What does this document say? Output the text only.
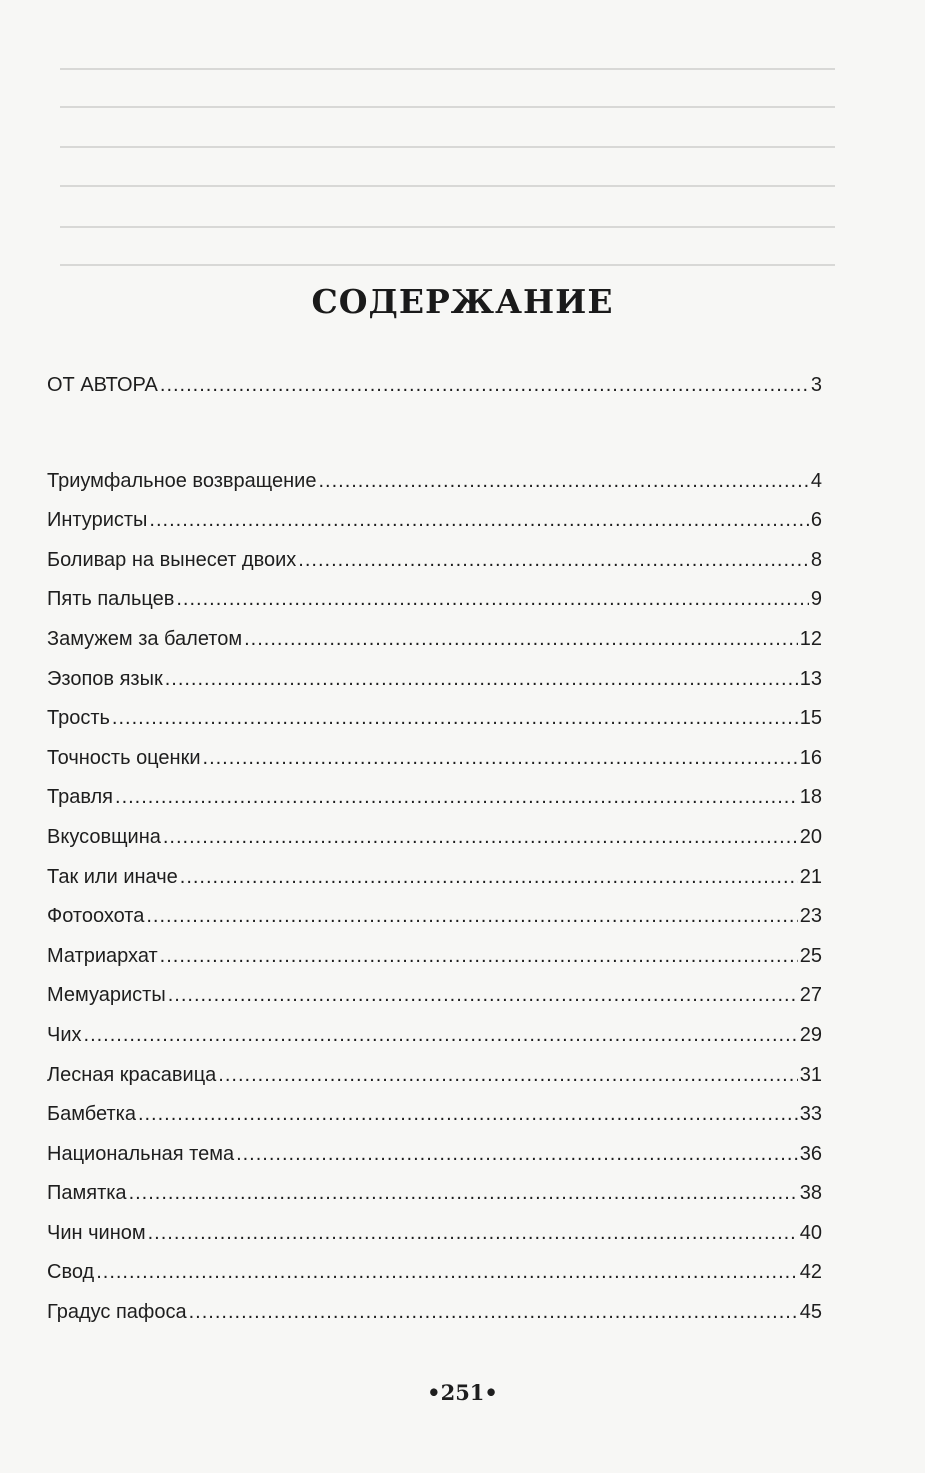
СОДЕРЖАНИЕ
ОТ АВТОРА .....	3
Триумфальное возвращение .....	4
Интуристы .....	6
Боливар на вынесет двоих .....	8
Пять пальцев .....	9
Замужем за балетом .....	12
Эзопов язык .....	13
Трость .....	15
Точность оценки .....	16
Травля .....	18
Вкусовщина .....	20
Так или иначе .....	21
Фотоохота .....	23
Матриархат .....	25
Мемуаристы .....	27
Чих .....	29
Лесная красавица .....	31
Бамбетка .....	33
Национальная тема .....	36
Памятка .....	38
Чин чином .....	40
Свод .....	42
Градус пафоса .....	45
•251•
